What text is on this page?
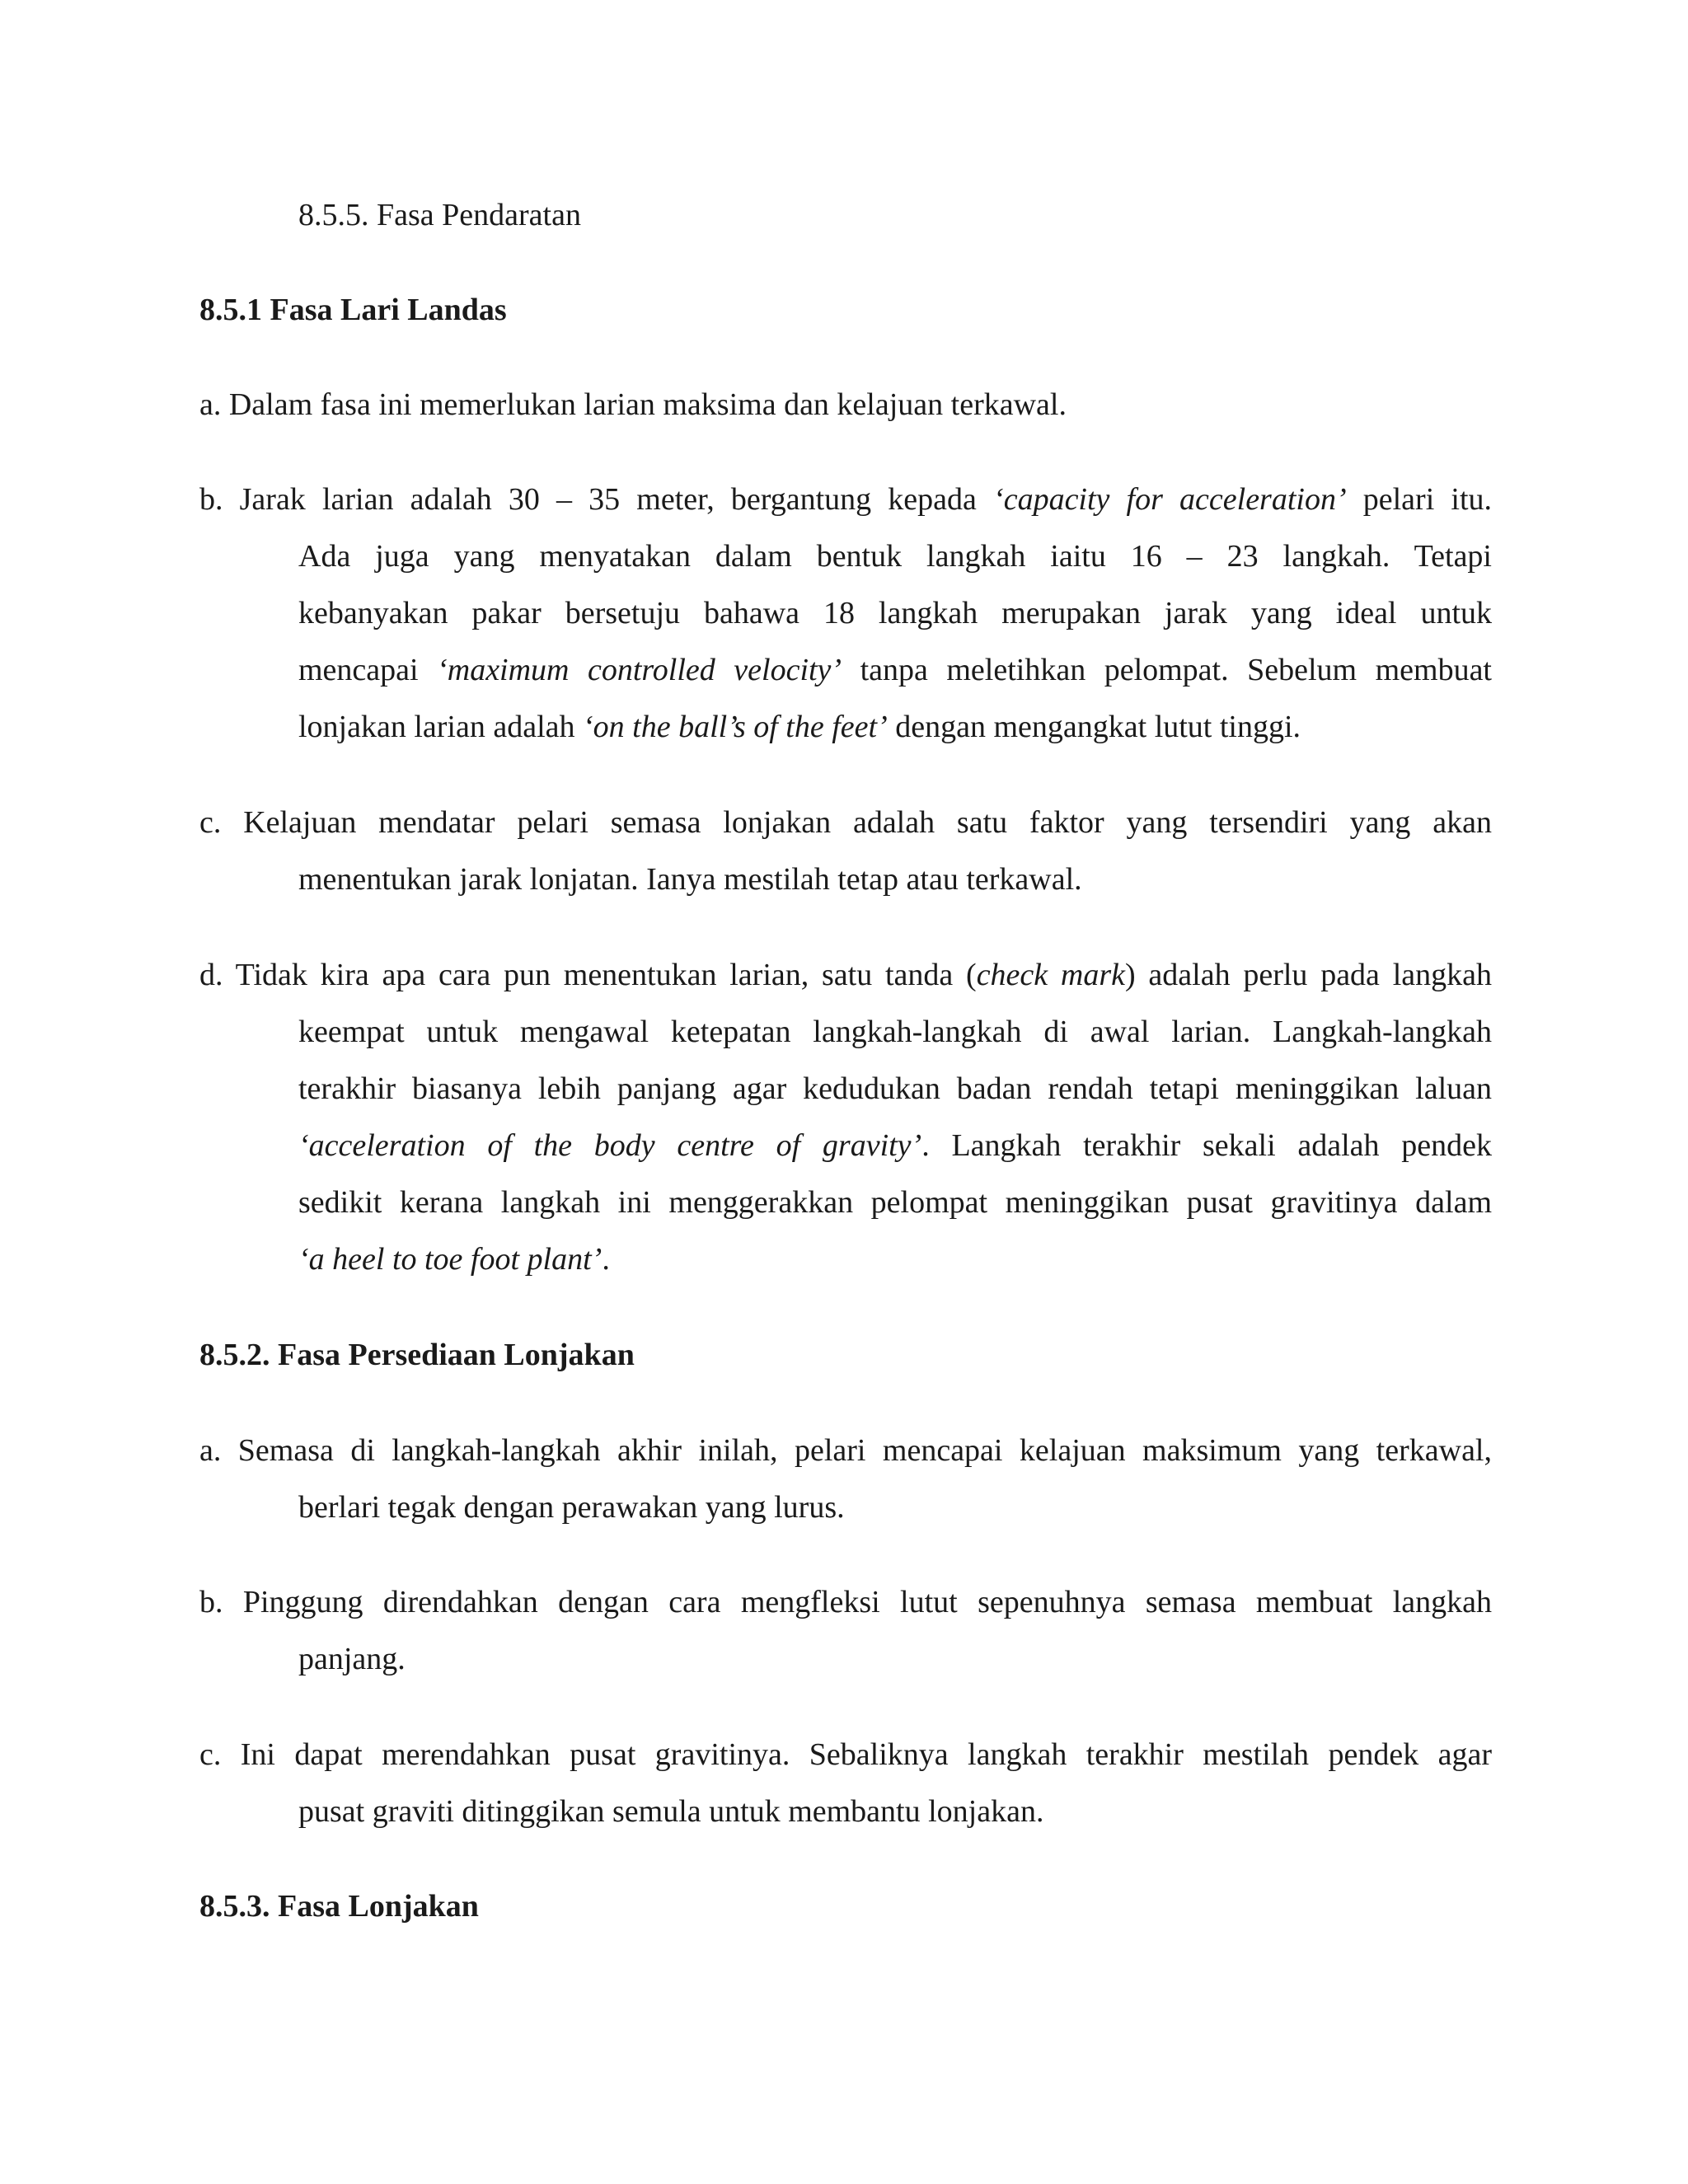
8.5.5. Fasa Pendaratan
8.5.1 Fasa Lari Landas
a. Dalam fasa ini memerlukan larian maksima dan kelajuan terkawal.
b. Jarak larian adalah 30 – 35 meter, bergantung kepada ‘capacity for acceleration’ pelari itu.
Ada juga yang menyatakan dalam bentuk langkah iaitu 16 – 23 langkah. Tetapi
kebanyakan pakar bersetuju bahawa 18 langkah merupakan jarak yang ideal untuk
mencapai ‘maximum controlled velocity’ tanpa meletihkan pelompat. Sebelum membuat
lonjakan larian adalah ‘on the ball’s of the feet’ dengan mengangkat lutut tinggi.
c. Kelajuan mendatar pelari semasa lonjakan adalah satu faktor yang tersendiri yang akan
menentukan jarak lonjatan. Ianya mestilah tetap atau terkawal.
d. Tidak kira apa cara pun menentukan larian, satu tanda (check mark) adalah perlu pada langkah
keempat untuk mengawal ketepatan langkah-langkah di awal larian. Langkah-langkah
terakhir biasanya lebih panjang agar kedudukan badan rendah tetapi meninggikan laluan
‘acceleration of the body centre of gravity’. Langkah terakhir sekali adalah pendek
sedikit kerana langkah ini menggerakkan pelompat meninggikan pusat gravitinya dalam
‘a heel to toe foot plant’.
8.5.2. Fasa Persediaan Lonjakan
a. Semasa di langkah-langkah akhir inilah, pelari mencapai kelajuan maksimum yang terkawal,
berlari tegak dengan perawakan yang lurus.
b. Pinggung direndahkan dengan cara mengfleksi lutut sepenuhnya semasa membuat langkah
panjang.
c. Ini dapat merendahkan pusat gravitinya. Sebaliknya langkah terakhir mestilah pendek agar
pusat graviti ditinggikan semula untuk membantu lonjakan.
8.5.3. Fasa Lonjakan
